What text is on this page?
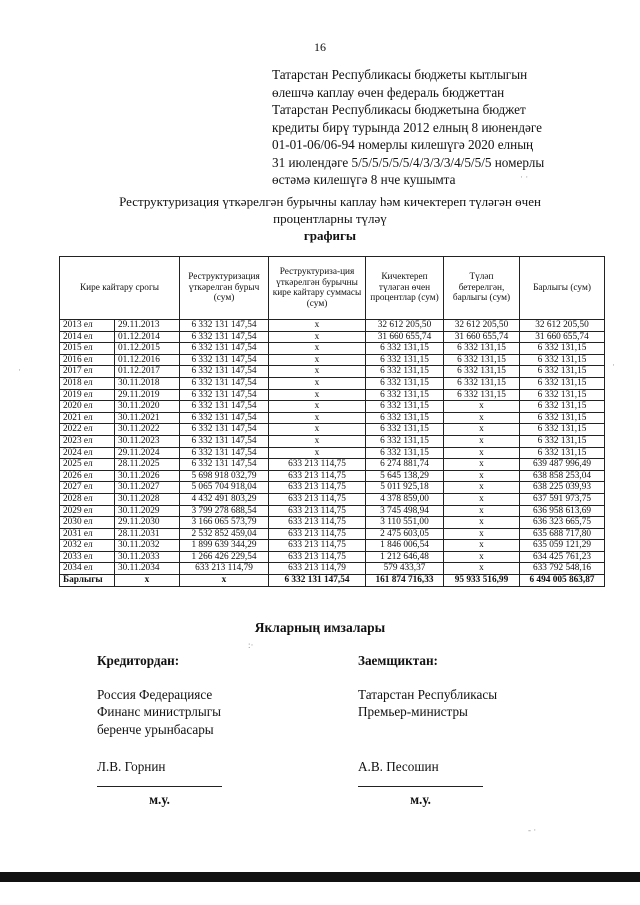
16
Татарстан Республикасы бюджеты кытлыгын
өлешчә каплау өчен федераль бюджеттан
Татарстан Республикасы бюджетына бюджет
кредиты бирү турында 2012 елның 8 июнендәге
01-01-06/06-94 номерлы килешүгә 2020 елның
31 июлендәге 5/5/5/5/5/5/4/3/3/3/4/5/5/5 номерлы
өстәмә килешүгә 8 нче кушымта
Реструктуризация үткәрелгән бурычны каплау һәм кичектереп түләгән өчен
процентларны түләү
графигы
Кире кайтару срогы		Реструктуризация үткәрелгән бурыч (сум)	Реструктуриза-ция үткәрелгән бурычны кире кайтару суммасы (сум)	Кичектереп түләгән өчен процентлар (сум)	Түләп бетерелгән, барлыгы (сум)	Барлыгы (сум)
2013 ел	29.11.2013	6 332 131 147,54	x	32 612 205,50	32 612 205,50	32 612 205,50
2014 ел	01.12.2014	6 332 131 147,54	x	31 660 655,74	31 660 655,74	31 660 655,74
2015 ел	01.12.2015	6 332 131 147,54	x	6 332 131,15	6 332 131,15	6 332 131,15
2016 ел	01.12.2016	6 332 131 147,54	x	6 332 131,15	6 332 131,15	6 332 131,15
2017 ел	01.12.2017	6 332 131 147,54	x	6 332 131,15	6 332 131,15	6 332 131,15
2018 ел	30.11.2018	6 332 131 147,54	x	6 332 131,15	6 332 131,15	6 332 131,15
2019 ел	29.11.2019	6 332 131 147,54	x	6 332 131,15	6 332 131,15	6 332 131,15
2020 ел	30.11.2020	6 332 131 147,54	x	6 332 131,15	x	6 332 131,15
2021 ел	30.11.2021	6 332 131 147,54	x	6 332 131,15	x	6 332 131,15
2022 ел	30.11.2022	6 332 131 147,54	x	6 332 131,15	x	6 332 131,15
2023 ел	30.11.2023	6 332 131 147,54	x	6 332 131,15	x	6 332 131,15
2024 ел	29.11.2024	6 332 131 147,54	x	6 332 131,15	x	6 332 131,15
2025 ел	28.11.2025	6 332 131 147,54	633 213 114,75	6 274 881,74	x	639 487 996,49
2026 ел	30.11.2026	5 698 918 032,79	633 213 114,75	5 645 138,29	x	638 858 253,04
2027 ел	30.11.2027	5 065 704 918,04	633 213 114,75	5 011 925,18	x	638 225 039,93
2028 ел	30.11.2028	4 432 491 803,29	633 213 114,75	4 378 859,00	x	637 591 973,75
2029 ел	30.11.2029	3 799 278 688,54	633 213 114,75	3 745 498,94	x	636 958 613,69
2030 ел	29.11.2030	3 166 065 573,79	633 213 114,75	3 110 551,00	x	636 323 665,75
2031 ел	28.11.2031	2 532 852 459,04	633 213 114,75	2 475 603,05	x	635 688 717,80
2032 ел	30.11.2032	1 899 639 344,29	633 213 114,75	1 846 006,54	x	635 059 121,29
2033 ел	30.11.2033	1 266 426 229,54	633 213 114,75	1 212 646,48	x	634 425 761,23
2034 ел	30.11.2034	633 213 114,79	633 213 114,79	579 433,37	x	633 792 548,16
Барлыгы	x	x	6 332 131 147,54	161 874 716,33	95 933 516,99	6 494 005 863,87
Якларның имзалары
Кредитордан:
Россия Федерациясе
Финанс министрлыгы
беренче урынбасары
Л.В. Горнин
м.у.
Заемщиктан:
Татарстан Республикасы
Премьер-министры
А.В. Песошин
м.у.
· ·
·	·
:·
- ·
